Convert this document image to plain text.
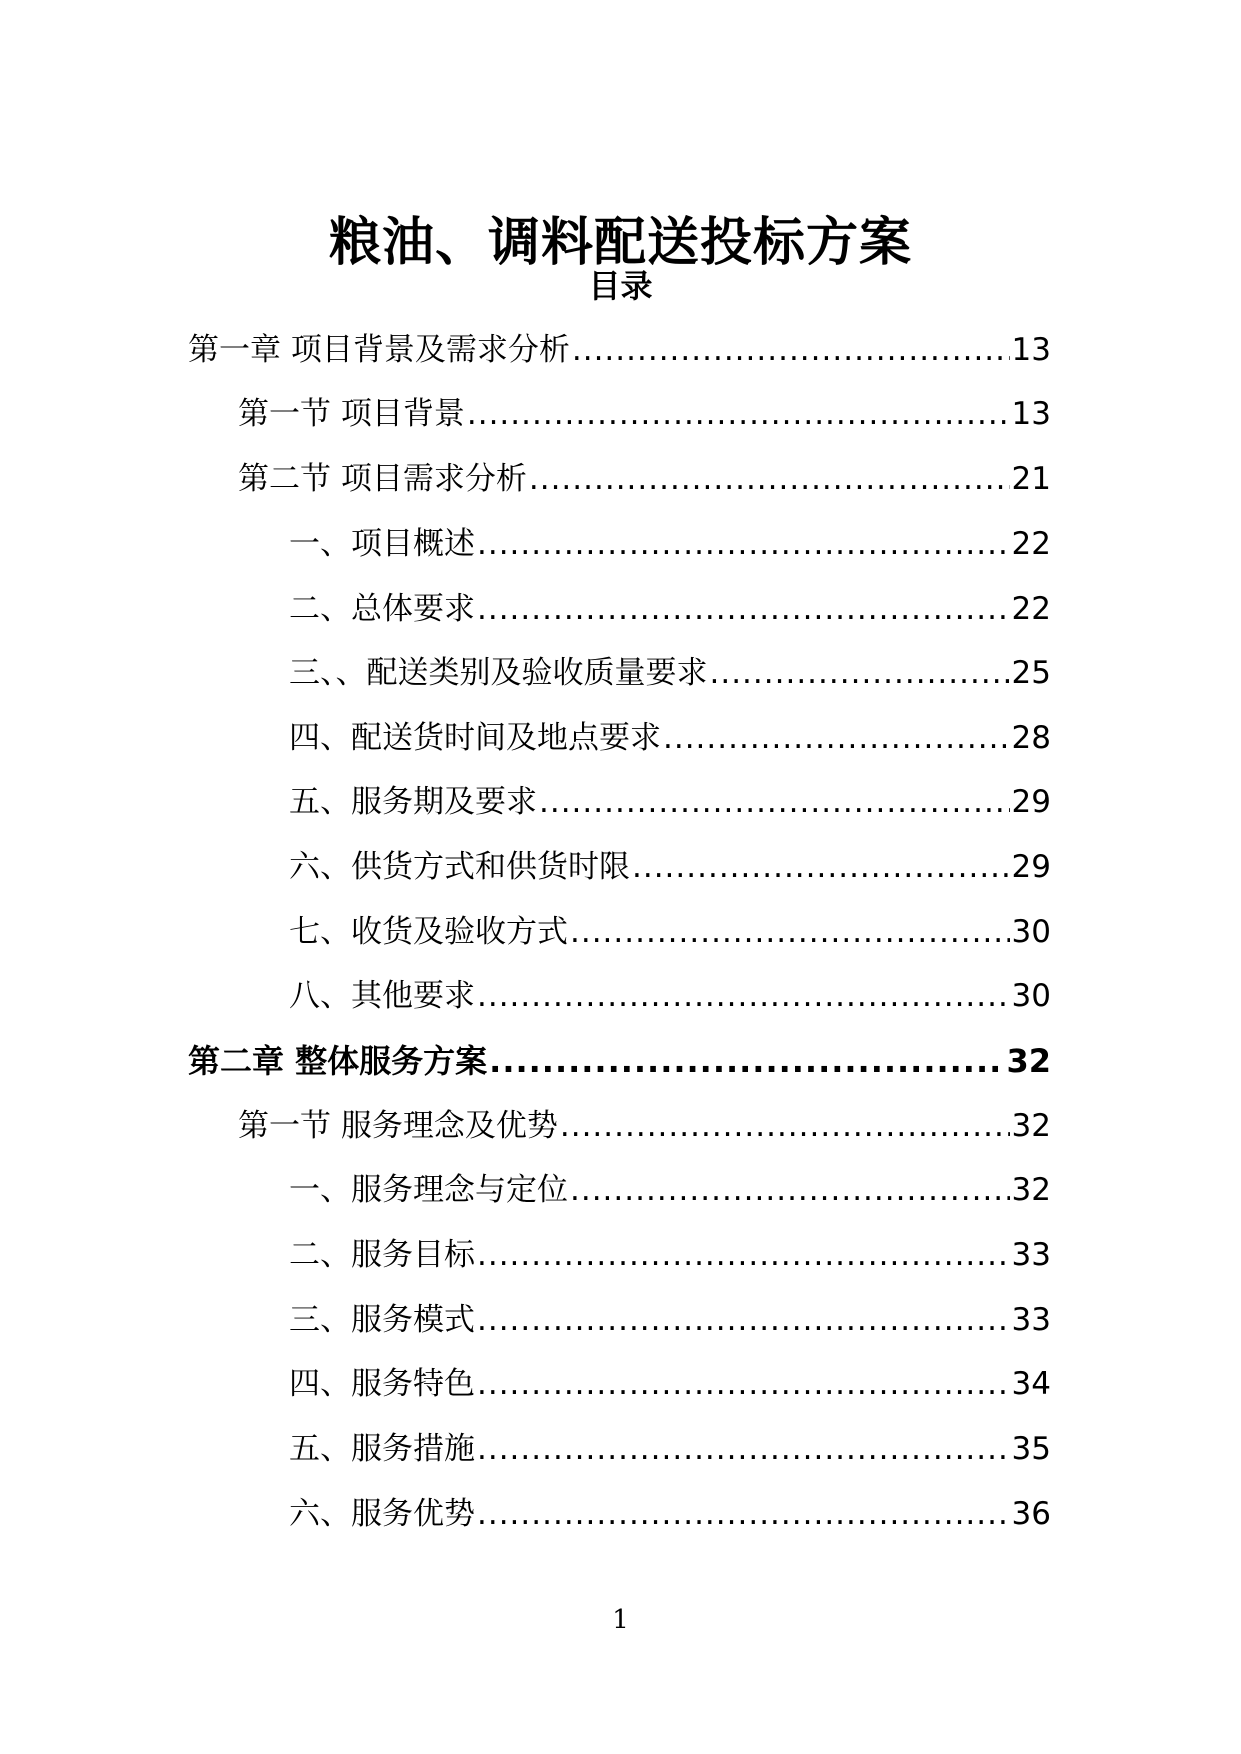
粮油、调料配送投标方案
目录
第一章 项目背景及需求分析 .....	13
第一节 项目背景 .....	13
第二节 项目需求分析 .....	21
一、项目概述 .....	22
二、总体要求 .....	22
三、、配送类别及验收质量要求 .....	25
四、配送货时间及地点要求 .....	28
五、服务期及要求 .....	29
六、供货方式和供货时限 .....	29
七、收货及验收方式 .....	30
八、其他要求 .....	30
第二章 整体服务方案 .....	32
第一节 服务理念及优势 .....	32
一、服务理念与定位 .....	32
二、服务目标 .....	33
三、服务模式 .....	33
四、服务特色 .....	34
五、服务措施 .....	35
六、服务优势 .....	36
1
